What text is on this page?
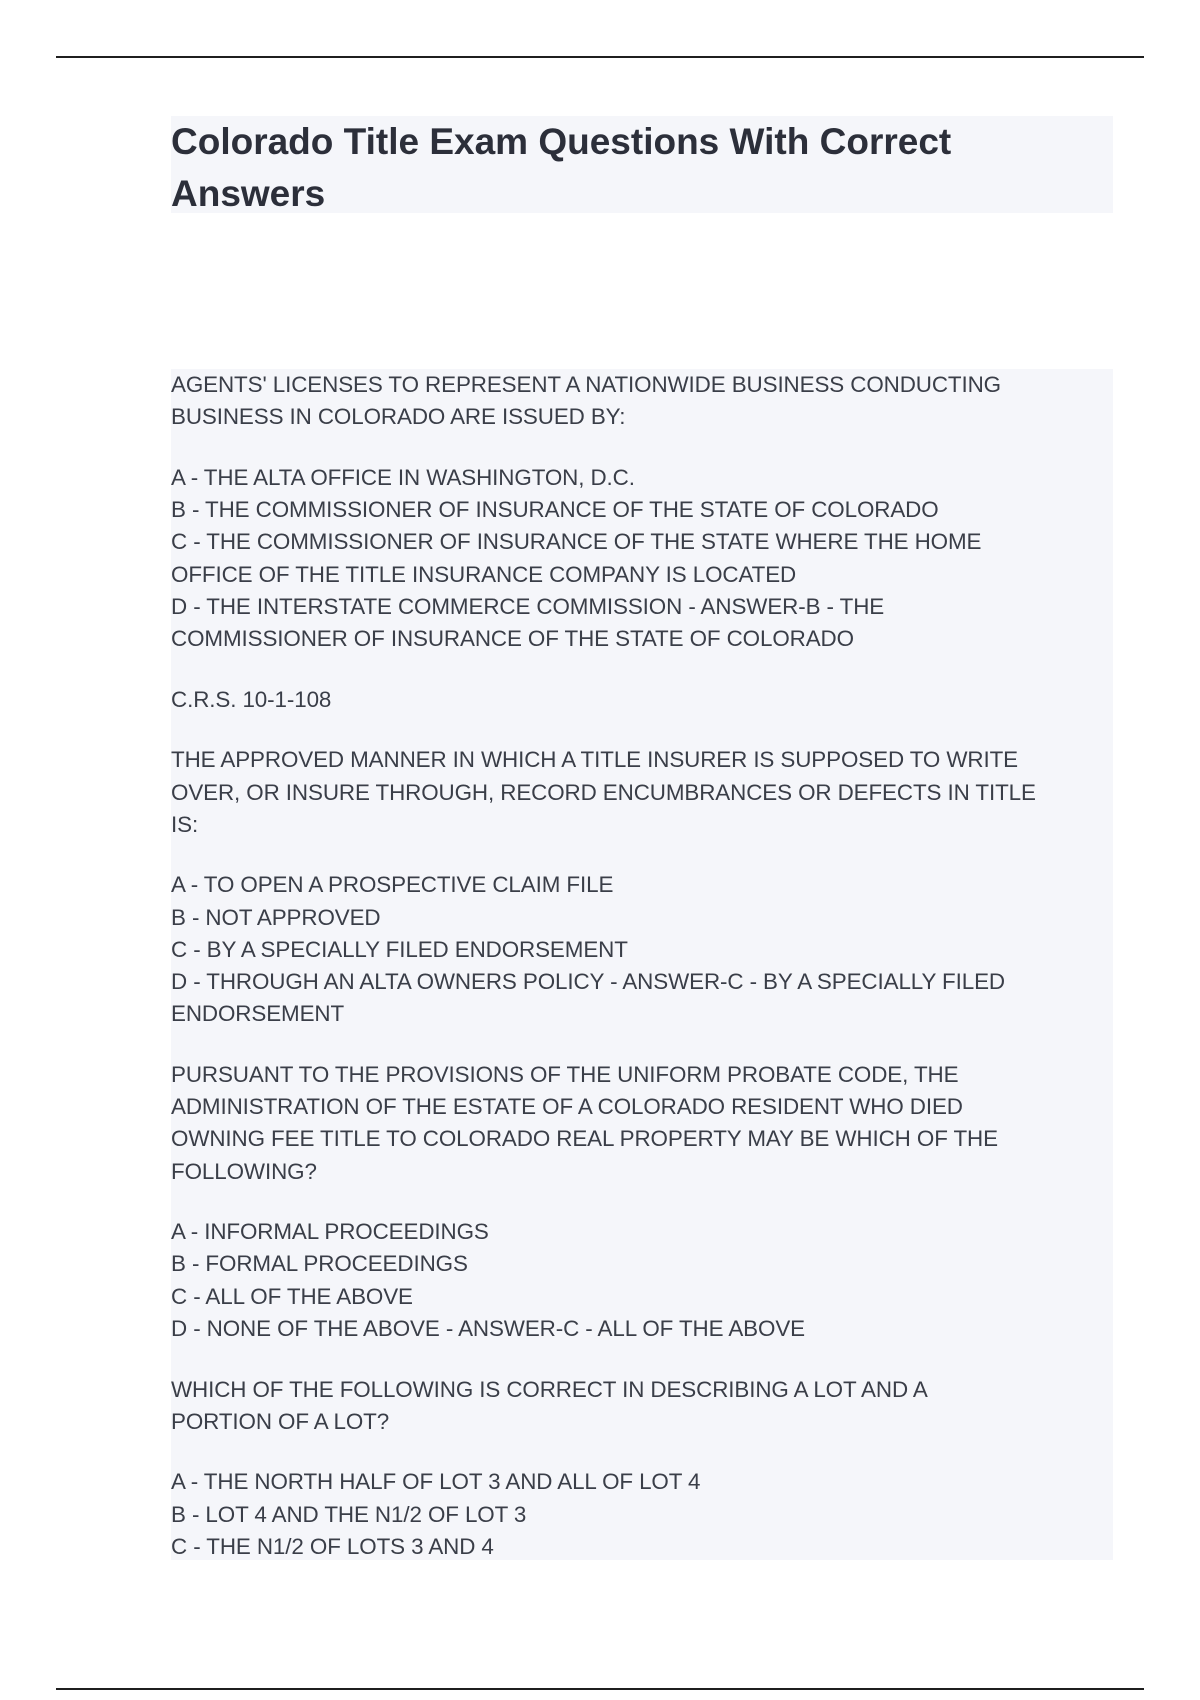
Colorado Title Exam Questions With Correct Answers

AGENTS' LICENSES TO REPRESENT A NATIONWIDE BUSINESS CONDUCTING
BUSINESS IN COLORADO ARE ISSUED BY:

A - THE ALTA OFFICE IN WASHINGTON, D.C.
B - THE COMMISSIONER OF INSURANCE OF THE STATE OF COLORADO
C - THE COMMISSIONER OF INSURANCE OF THE STATE WHERE THE HOME
OFFICE OF THE TITLE INSURANCE COMPANY IS LOCATED
D - THE INTERSTATE COMMERCE COMMISSION - ANSWER-B - THE
COMMISSIONER OF INSURANCE OF THE STATE OF COLORADO

C.R.S. 10-1-108

THE APPROVED MANNER IN WHICH A TITLE INSURER IS SUPPOSED TO WRITE
OVER, OR INSURE THROUGH, RECORD ENCUMBRANCES OR DEFECTS IN TITLE
IS:

A - TO OPEN A PROSPECTIVE CLAIM FILE
B - NOT APPROVED
C - BY A SPECIALLY FILED ENDORSEMENT
D - THROUGH AN ALTA OWNERS POLICY - ANSWER-C - BY A SPECIALLY FILED
ENDORSEMENT

PURSUANT TO THE PROVISIONS OF THE UNIFORM PROBATE CODE, THE
ADMINISTRATION OF THE ESTATE OF A COLORADO RESIDENT WHO DIED
OWNING FEE TITLE TO COLORADO REAL PROPERTY MAY BE WHICH OF THE
FOLLOWING?

A - INFORMAL PROCEEDINGS
B - FORMAL PROCEEDINGS
C - ALL OF THE ABOVE
D - NONE OF THE ABOVE - ANSWER-C - ALL OF THE ABOVE

WHICH OF THE FOLLOWING IS CORRECT IN DESCRIBING A LOT AND A
PORTION OF A LOT?

A - THE NORTH HALF OF LOT 3 AND ALL OF LOT 4
B - LOT 4 AND THE N1/2 OF LOT 3
C - THE N1/2 OF LOTS 3 AND 4
